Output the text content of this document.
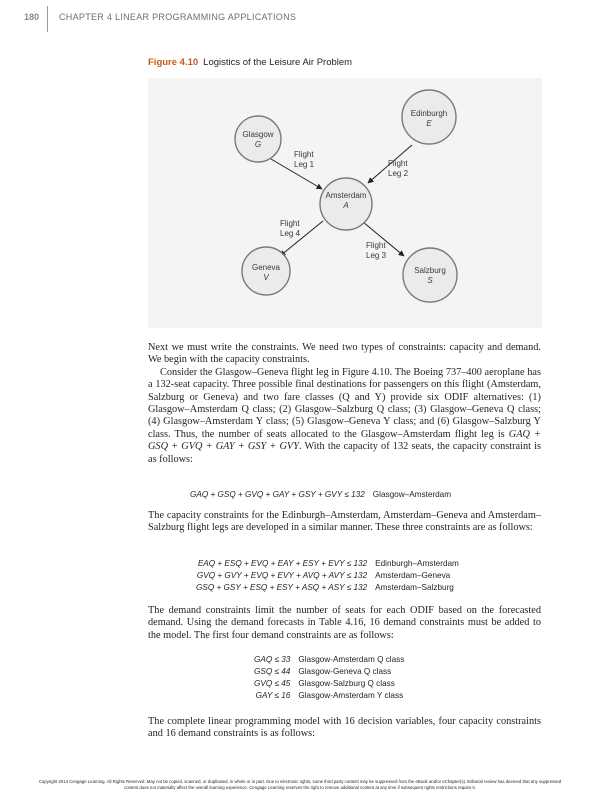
180 CHAPTER 4 LINEAR PROGRAMMING APPLICATIONS
Figure 4.10 Logistics of the Leisure Air Problem
Glasgow
G
Edinburgh
E
Amsterdam
A
Geneva
V
Salzburg
S
Flight
Leg 1	Flight
Leg 2
Flight
Leg 3
Flight
Leg 4

Next we must write the constraints. We need two types of constraints: capacity and demand. We begin with the capacity constraints.

Consider the Glasgow–Geneva flight leg in Figure 4.10. The Boeing 737–400 aeroplane has a 132-seat capacity. Three possible final destinations for passengers on this flight (Amsterdam, Salzburg or Geneva) and two fare classes (Q and Y) provide six ODIF alternatives: (1) Glasgow–Amsterdam Q class; (2) Glasgow–Salzburg Q class; (3) Glasgow–Geneva Q class; (4) Glasgow–Amsterdam Y class; (5) Glasgow–Geneva Y class; and (6) Glasgow–Salzburg Y class. Thus, the number of seats allocated to the Glasgow–Amsterdam flight leg is GAQ + GSQ + GVQ + GAY + GSY + GVY. With the capacity of 132 seats, the capacity constraint is as follows:

GAQ + GSQ + GVQ + GAY + GSY + GVY ≤ 132	Glasgow–Amsterdam

The capacity constraints for the Edinburgh–Amsterdam, Amsterdam–Geneva and Amsterdam–Salzburg flight legs are developed in a similar manner. These three constraints are as follows:

EAQ + ESQ + EVQ + EAY + ESY + EVY ≤ 132	Edinburgh–Amsterdam
GVQ + GVY + EVQ + EVY + AVQ + AVY ≤ 132	Amsterdam–Geneva
GSQ + GSY + ESQ + ESY + ASQ + ASY ≤ 132	Amsterdam–Salzburg

The demand constraints limit the number of seats for each ODIF based on the forecasted demand. Using the demand forecasts in Table 4.16, 16 demand constraints must be added to the model. The first four demand constraints are as follows:

GAQ ≤ 33	Glasgow-Amsterdam Q class
GSQ ≤ 44	Glasgow-Geneva Q class
GVQ ≤ 45	Glasgow-Salzburg Q class
GAY ≤ 16	Glasgow-Amsterdam Y class

The complete linear programming model with 16 decision variables, four capacity constraints and 16 demand constraints is as follows:

Copyright 2014 Cengage Learning. All Rights Reserved. May not be copied, scanned, or duplicated, in whole or in part. Due to electronic rights, some third party content may be suppressed from the eBook and/or eChapter(s). Editorial review has deemed that any suppressed content does not materially affect the overall learning experience. Cengage Learning reserves the right to remove additional content at any time if subsequent rights restrictions require it.
